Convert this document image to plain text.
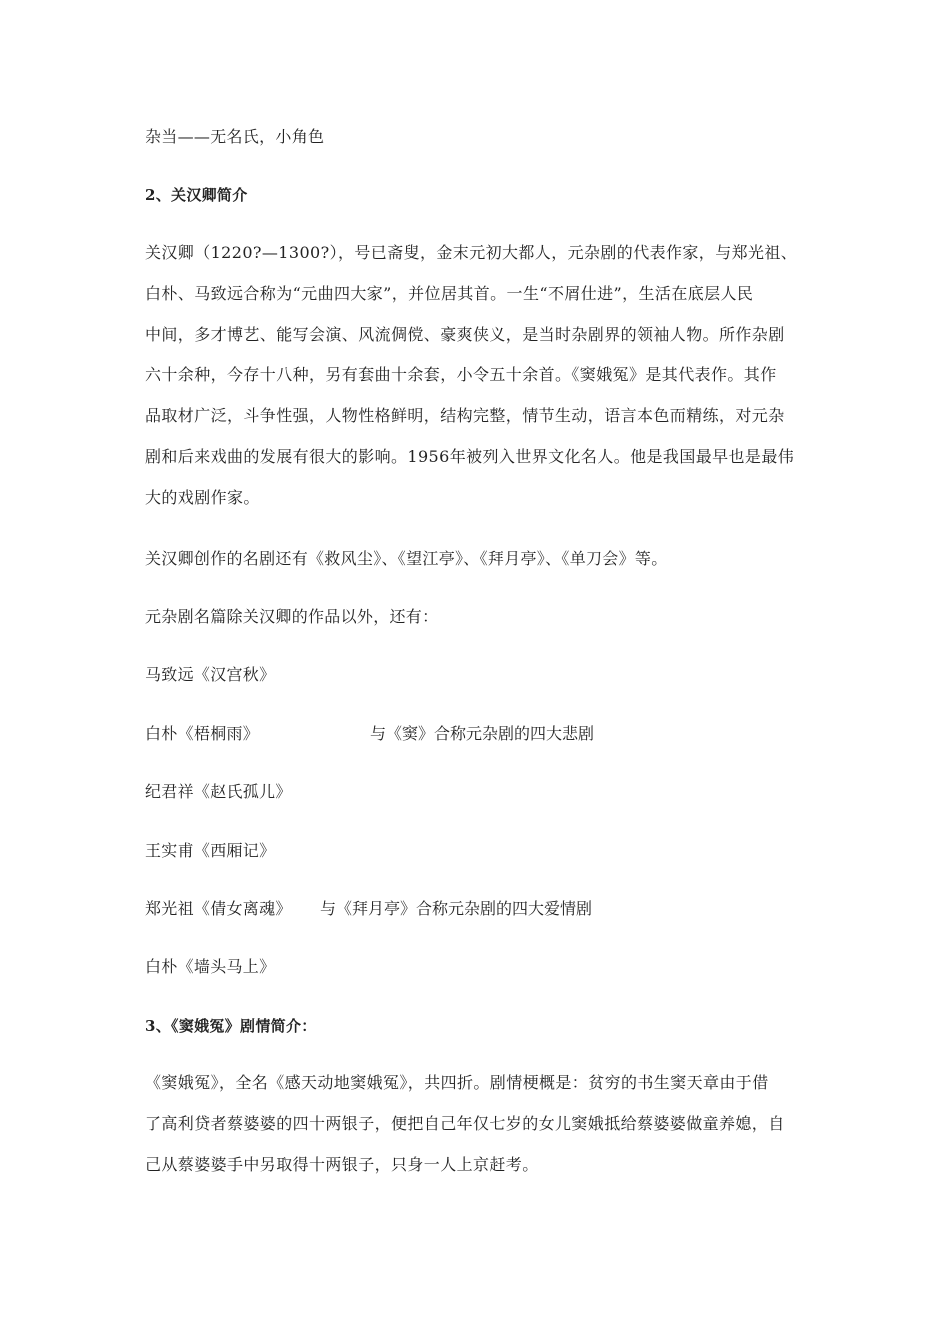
杂当——无名氏，小角色
2、关汉卿简介
关汉卿（1220?—1300?），号已斋叟，金末元初大都人，元杂剧的代表作家，与郑光祖、
白朴、马致远合称为“元曲四大家”，并位居其首。一生“不屑仕进”，生活在底层人民
中间，多才博艺、能写会演、风流倜傥、豪爽侠义，是当时杂剧界的领袖人物。所作杂剧
六十余种，今存十八种，另有套曲十余套，小令五十余首。《窦娥冤》是其代表作。其作
品取材广泛，斗争性强，人物性格鲜明，结构完整，情节生动，语言本色而精练，对元杂
剧和后来戏曲的发展有很大的影响。1956年被列入世界文化名人。他是我国最早也是最伟
大的戏剧作家。
关汉卿创作的名剧还有《救风尘》、《望江亭》、《拜月亭》、《单刀会》等。
元杂剧名篇除关汉卿的作品以外，还有：
马致远《汉宫秋》
白朴《梧桐雨》	与《窦》合称元杂剧的四大悲剧
纪君祥《赵氏孤儿》
王实甫《西厢记》
郑光祖《倩女离魂》 与《拜月亭》合称元杂剧的四大爱情剧
白朴《墙头马上》
3、《窦娥冤》剧情简介：
《窦娥冤》，全名《感天动地窦娥冤》，共四折。剧情梗概是：贫穷的书生窦天章由于借
了高利贷者蔡婆婆的四十两银子，便把自己年仅七岁的女儿窦娥抵给蔡婆婆做童养媳，自
己从蔡婆婆手中另取得十两银子，只身一人上京赶考。
